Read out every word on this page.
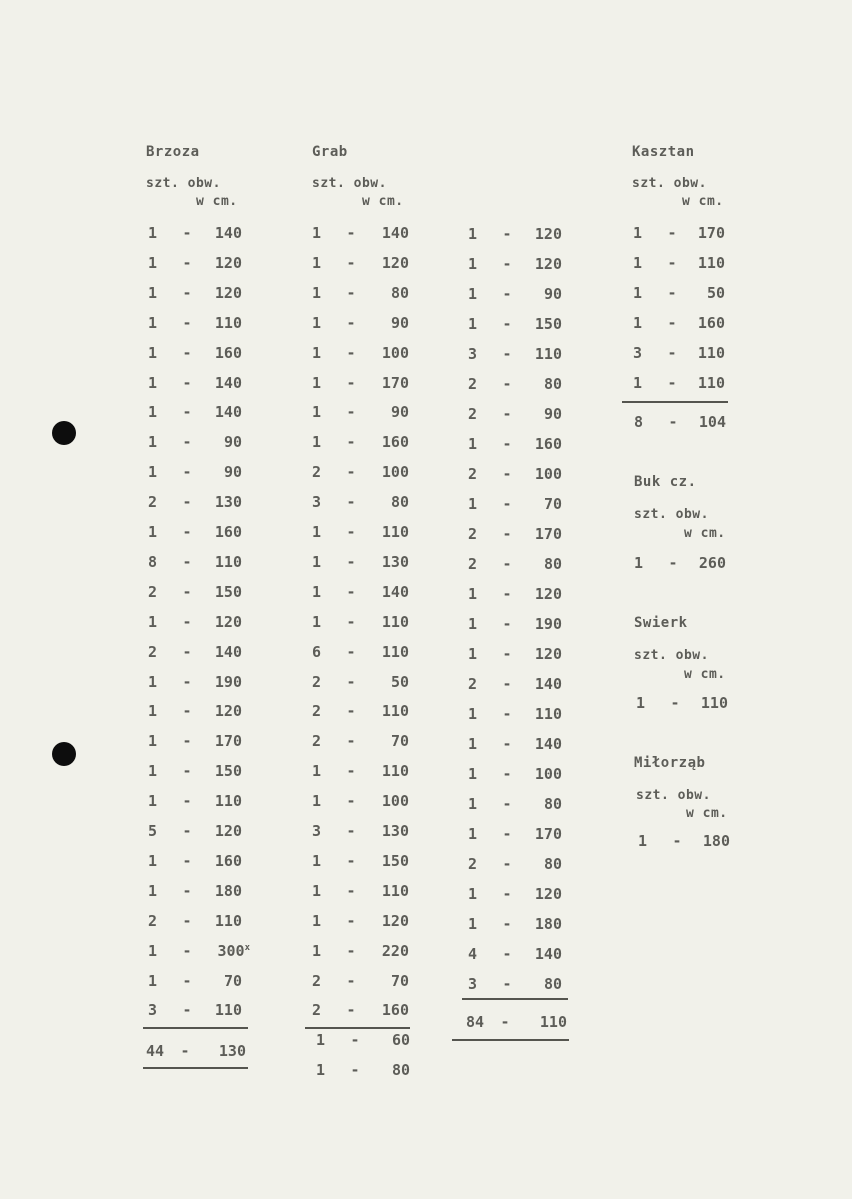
Brzoza
szt. obw.
w cm.
1	- 140
1	- 120
1	- 120
1	- 110
1	- 160
1	- 140
1	- 140
1	- 90
1	- 90
2	- 130
1	- 160
8	- 110
2	- 150
1	- 120
2	- 140
1	- 190
1	- 120
1	- 170
1	- 150
1	- 110
5	- 120
1	- 160
1	- 180
2	- 110
1	- 300$^x$
1	- 70
3	- 110
44 - 130
Grab
szt. obw.
w cm.
1	- 140
1	- 120
1	- 80
1	- 90
1	- 100
1	- 170
1	- 90
1	- 160
2	- 100
3	- 80
1	- 110
1	- 130
1	- 140
1	- 110
6	- 110
2	- 50
2	- 110
2	- 70
1	- 110
1	- 100
3	- 130
1	- 150
1	- 110
1	- 120
1	- 220
2	- 70
2	- 160
1	- 60
1	- 80
1	- 120
1	- 120
1	- 90
1	- 150
3	- 110
2	- 80
2	- 90
1	- 160
2	- 100
1	- 70
2	- 170
2	- 80
1	- 120
1	- 190
1	- 120
2	- 140
1	- 110
1	- 140
1	- 100
1	- 80
1	- 170
2	- 80
1	- 120
1	- 180
4	- 140
3	- 80
84 - 110
Kasztan
szt. obw.
w cm.
1	- 170
1	- 110
1	- 50
1	- 160
3	- 110
1	- 110
8	- 104
Buk cz.
szt. obw.
w cm.
1	- 260
Swierk
szt. obw.
w cm.
1	- 110
Miłorząb
szt. obw.
w cm.
1	- 180
